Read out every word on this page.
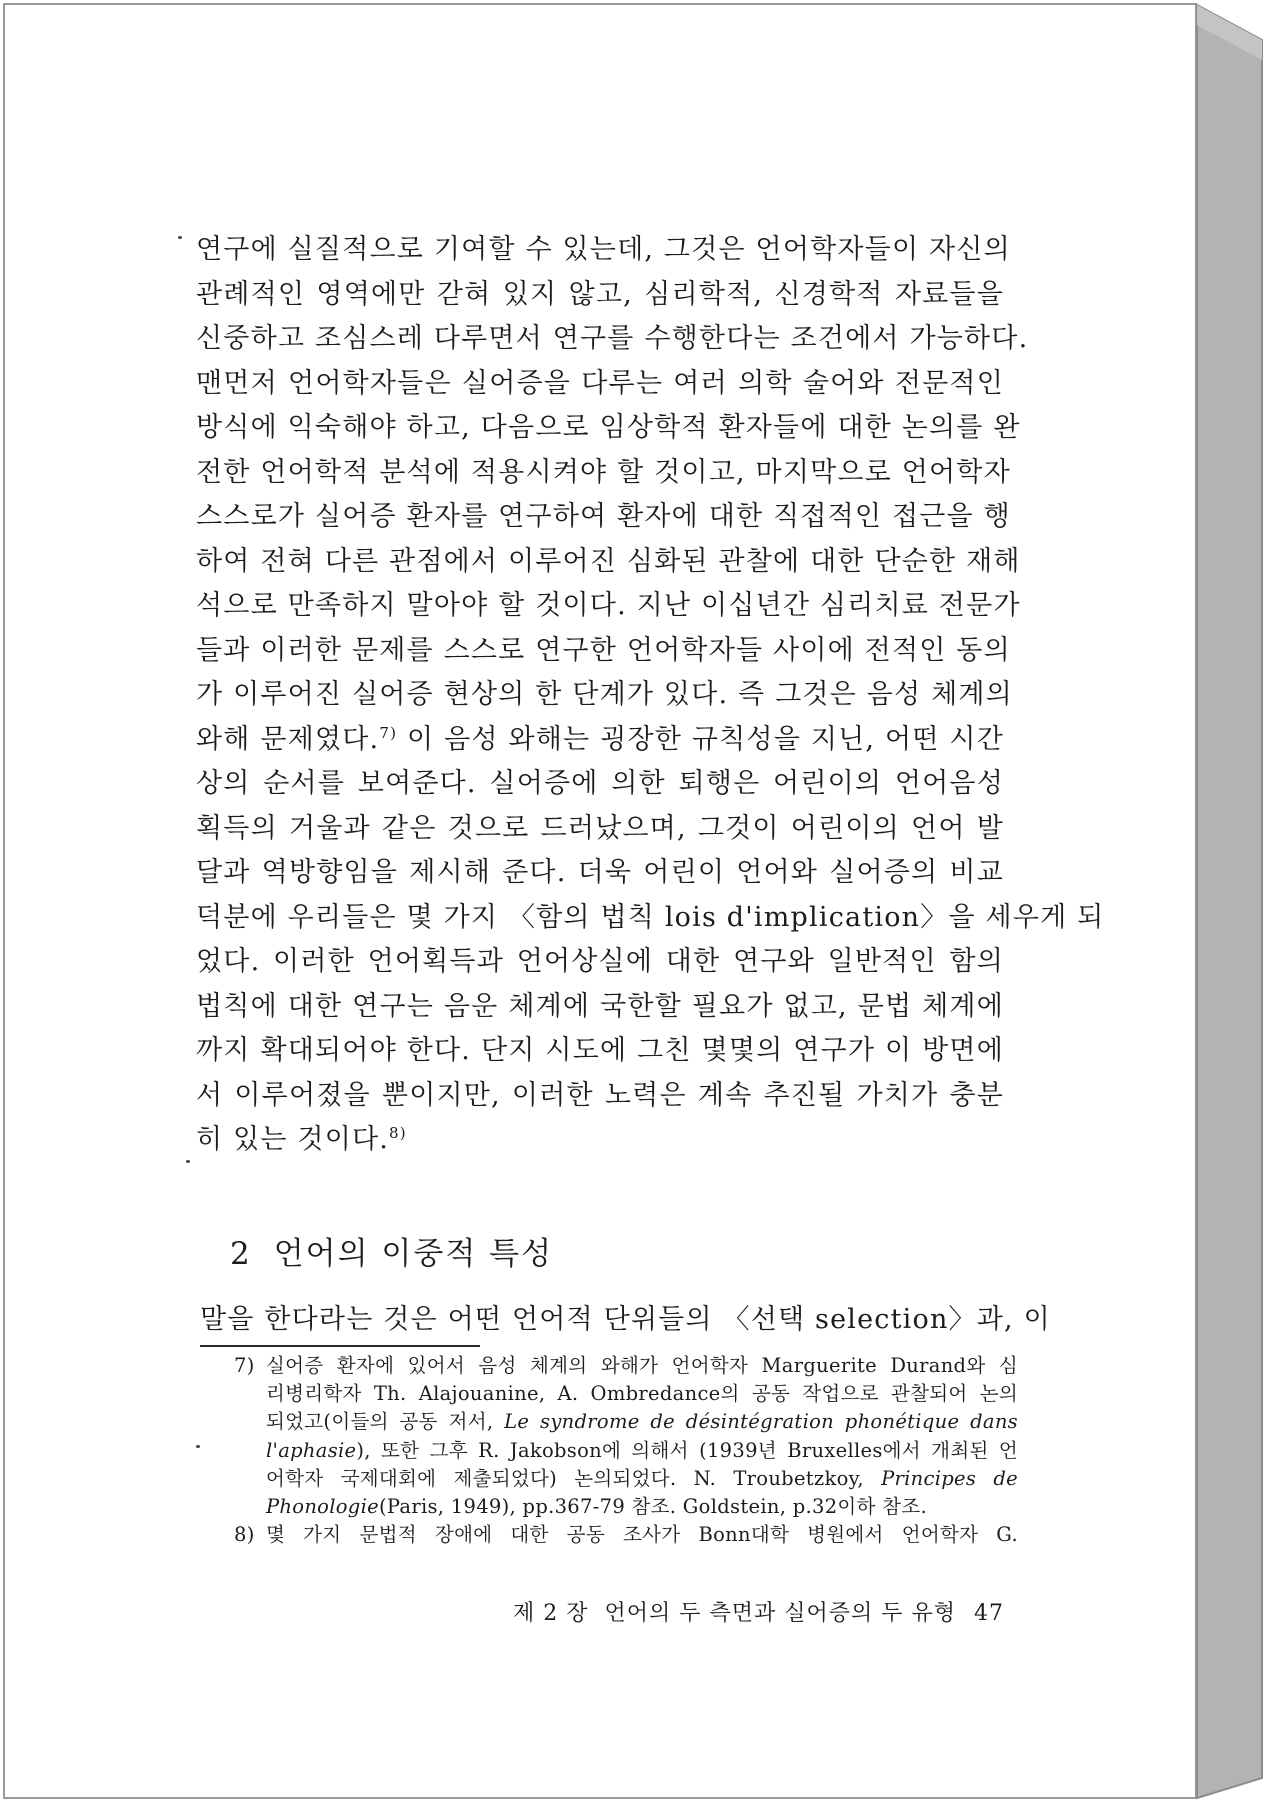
연구에 실질적으로 기여할 수 있는데, 그것은 언어학자들이 자신의
관례적인 영역에만 갇혀 있지 않고, 심리학적, 신경학적 자료들을
신중하고 조심스레 다루면서 연구를 수행한다는 조건에서 가능하다.
맨먼저 언어학자들은 실어증을 다루는 여러 의학 술어와 전문적인
방식에 익숙해야 하고, 다음으로 임상학적 환자들에 대한 논의를 완
전한 언어학적 분석에 적용시켜야 할 것이고, 마지막으로 언어학자
스스로가 실어증 환자를 연구하여 환자에 대한 직접적인 접근을 행
하여 전혀 다른 관점에서 이루어진 심화된 관찰에 대한 단순한 재해
석으로 만족하지 말아야 할 것이다. 지난 이십년간 심리치료 전문가
들과 이러한 문제를 스스로 연구한 언어학자들 사이에 전적인 동의
가 이루어진 실어증 현상의 한 단계가 있다. 즉 그것은 음성 체계의
와해 문제였다.$^{7)}$ 이 음성 와해는 굉장한 규칙성을 지닌, 어떤 시간
상의 순서를 보여준다. 실어증에 의한 퇴행은 어린이의 언어음성
획득의 거울과 같은 것으로 드러났으며, 그것이 어린이의 언어 발
달과 역방향임을 제시해 준다. 더욱 어린이 언어와 실어증의 비교
덕분에 우리들은 몇 가지 〈함의 법칙 lois d'implication〉을 세우게 되
었다. 이러한 언어획득과 언어상실에 대한 연구와 일반적인 함의
법칙에 대한 연구는 음운 체계에 국한할 필요가 없고, 문법 체계에
까지 확대되어야 한다. 단지 시도에 그친 몇몇의 연구가 이 방면에
서 이루어졌을 뿐이지만, 이러한 노력은 계속 추진될 가치가 충분
히 있는 것이다.$^{8)}$

2 언어의 이중적 특성

말을 한다라는 것은 어떤 언어적 단위들의 〈선택 selection〉과, 이

7) 실어증 환자에 있어서 음성 체계의 와해가 언어학자 Marguerite Durand와 심
리병리학자 Th. Alajouanine, A. Ombredance의 공동 작업으로 관찰되어 논의
되었고(이들의 공동 저서, Le syndrome de désintégration phonétique dans
l'aphasie), 또한 그후 R. Jakobson에 의해서 (1939년 Bruxelles에서 개최된 언
어학자 국제대회에 제출되었다) 논의되었다. N. Troubetzkoy, Principes de
Phonologie(Paris, 1949), pp.367-79 참조. Goldstein, p.32이하 참조.
8) 몇 가지 문법적 장애에 대한 공동 조사가 Bonn대학 병원에서 언어학자 G.
제 2 장  언어의 두 측면과 실어증의 두 유형 47
